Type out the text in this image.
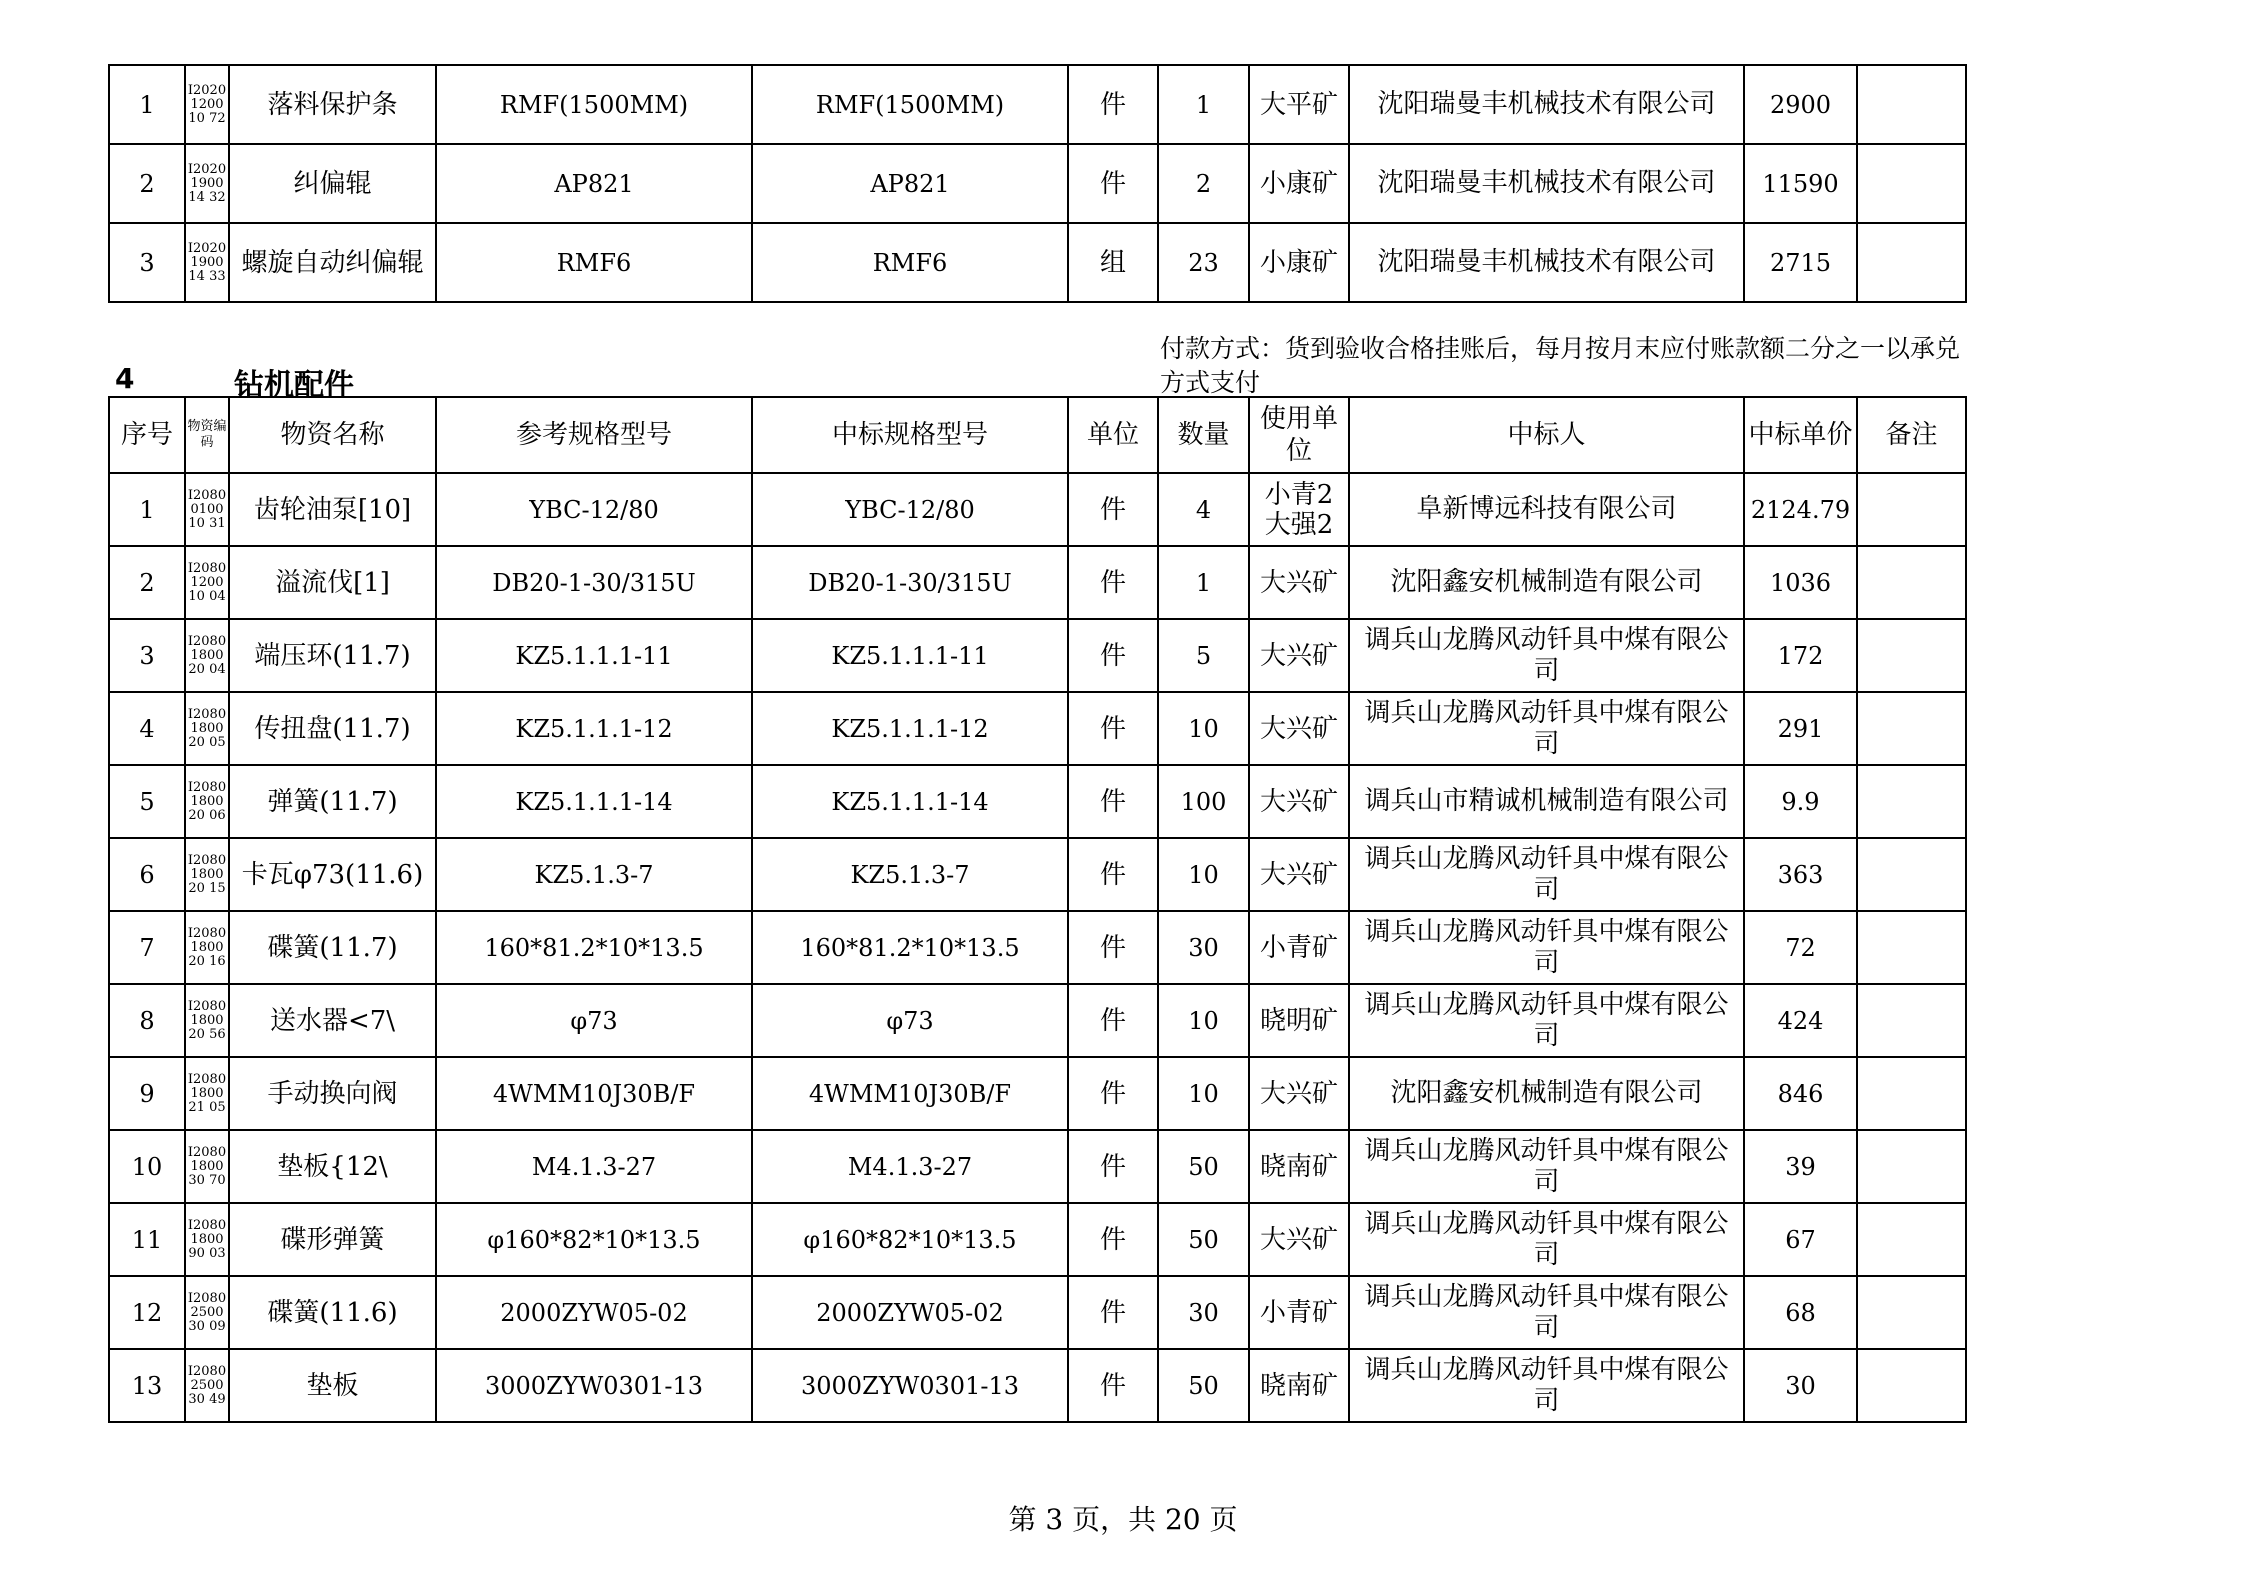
1	I2020120010 72	落料保护条	RMF(1500MM)	RMF(1500MM)	件	1	大平矿	沈阳瑞曼丰机械技术有限公司	2900	
2	I2020190014 32	纠偏辊	AP821	AP821	件	2	小康矿	沈阳瑞曼丰机械技术有限公司	11590	
3	I2020190014 33	螺旋自动纠偏辊	RMF6	RMF6	组	23	小康矿	沈阳瑞曼丰机械技术有限公司	2715	
4	钻机配件
付款方式：货到验收合格挂账后，每月按月末应付账款额二分之一以承兑方式支付
序号	物资编码	物资名称	参考规格型号	中标规格型号	单位	数量	使用单位	中标人	中标单价	备注
1	I2080010010 31	齿轮油泵[10]	YBC-12/80	YBC-12/80	件	4	小青2 大强2	阜新博远科技有限公司	2124.79	
2	I2080120010 04	溢流伐[1]	DB20-1-30/315U	DB20-1-30/315U	件	1	大兴矿	沈阳鑫安机械制造有限公司	1036	
3	I2080180020 04	端压环(11.7)	KZ5.1.1.1-11	KZ5.1.1.1-11	件	5	大兴矿	调兵山龙腾风动钎具中煤有限公司	172	
4	I2080180020 05	传扭盘(11.7)	KZ5.1.1.1-12	KZ5.1.1.1-12	件	10	大兴矿	调兵山龙腾风动钎具中煤有限公司	291	
5	I2080180020 06	弹簧(11.7)	KZ5.1.1.1-14	KZ5.1.1.1-14	件	100	大兴矿	调兵山市精诚机械制造有限公司	9.9	
6	I2080180020 15	卡瓦φ73(11.6)	KZ5.1.3-7	KZ5.1.3-7	件	10	大兴矿	调兵山龙腾风动钎具中煤有限公司	363	
7	I2080180020 16	碟簧(11.7)	160*81.2*10*13.5	160*81.2*10*13.5	件	30	小青矿	调兵山龙腾风动钎具中煤有限公司	72	
8	I2080180020 56	送水器<7\	φ73	φ73	件	10	晓明矿	调兵山龙腾风动钎具中煤有限公司	424	
9	I2080180021 05	手动换向阀	4WMM10J30B/F	4WMM10J30B/F	件	10	大兴矿	沈阳鑫安机械制造有限公司	846	
10	I2080180030 70	垫板{12\	M4.1.3-27	M4.1.3-27	件	50	晓南矿	调兵山龙腾风动钎具中煤有限公司	39	
11	I2080180090 03	碟形弹簧	φ160*82*10*13.5	φ160*82*10*13.5	件	50	大兴矿	调兵山龙腾风动钎具中煤有限公司	67	
12	I2080250030 09	碟簧(11.6)	2000ZYW05-02	2000ZYW05-02	件	30	小青矿	调兵山龙腾风动钎具中煤有限公司	68	
13	I2080250030 49	垫板	3000ZYW0301-13	3000ZYW0301-13	件	50	晓南矿	调兵山龙腾风动钎具中煤有限公司	30	
第 3 页，共 20 页
